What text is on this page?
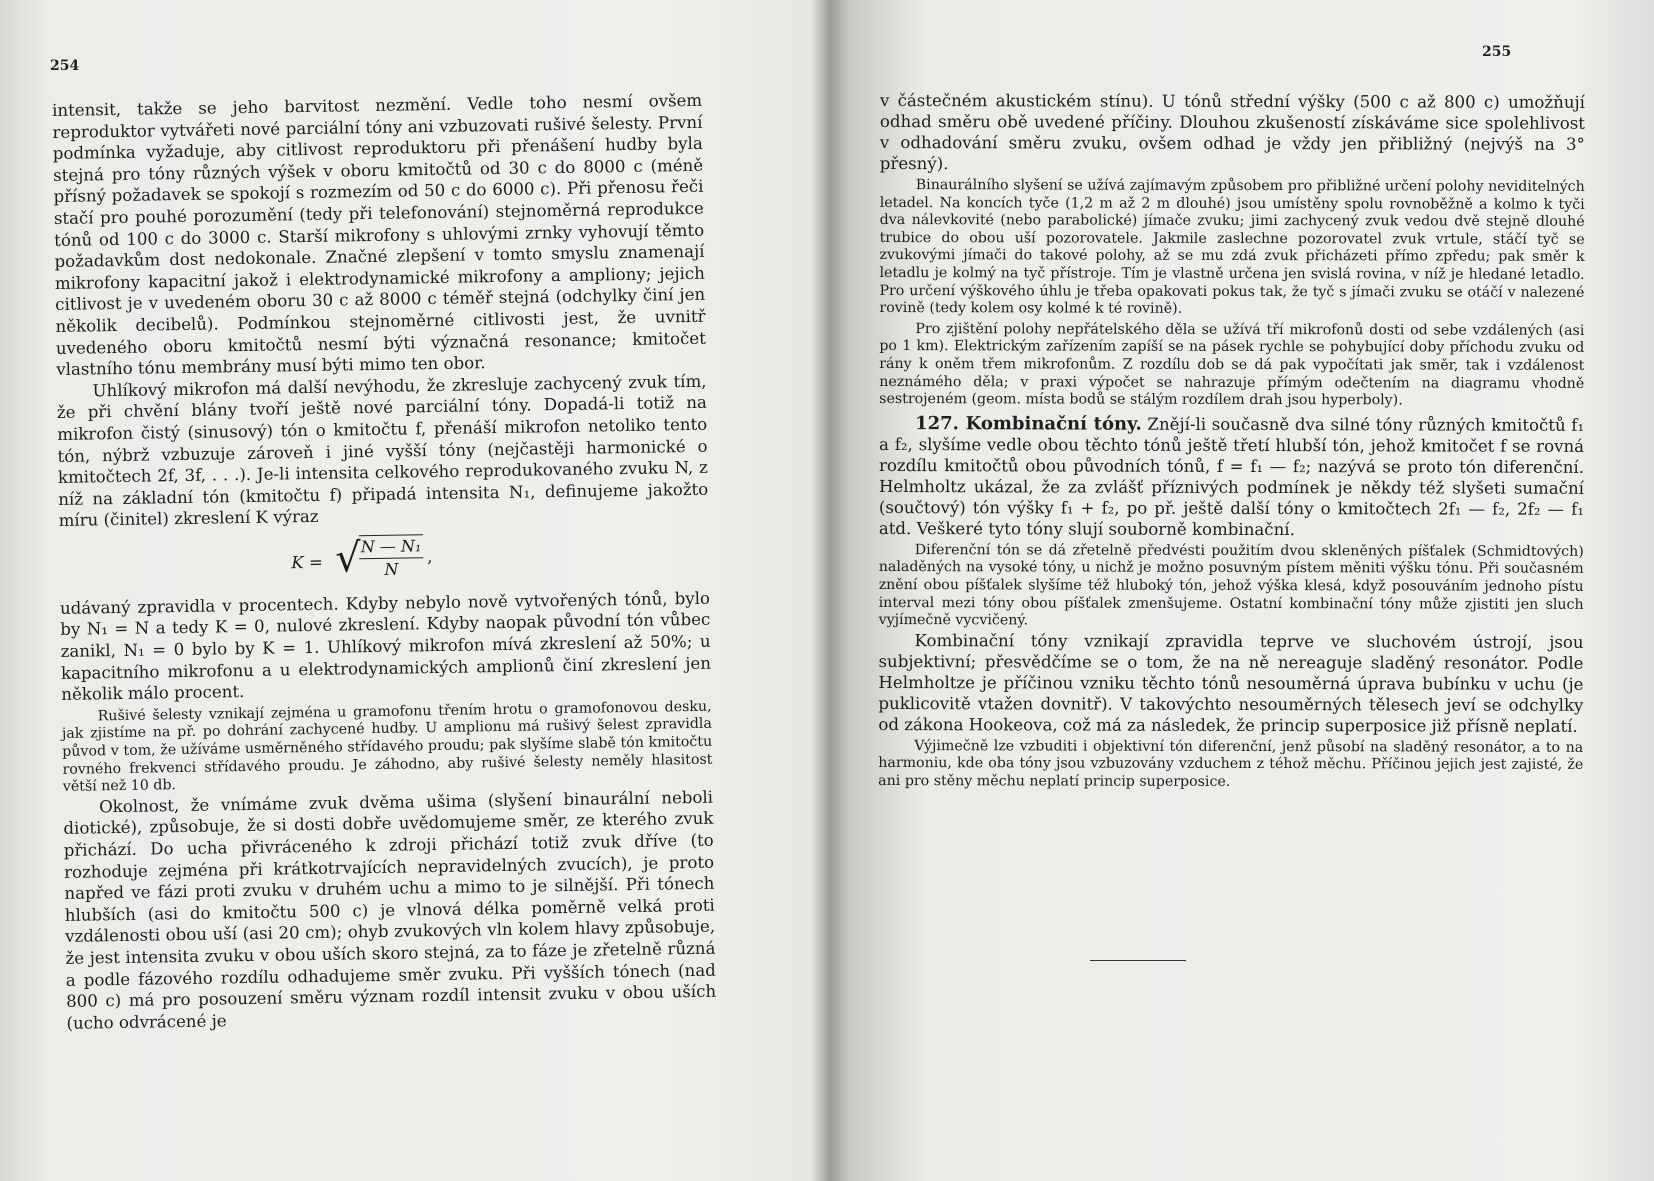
254

intensit, takže se jeho barvitost nezmění. Vedle toho nesmí ovšem reproduktor vytvářeti nové parciální tóny ani vzbuzovati rušivé šelesty. První podmínka vyžaduje, aby citlivost reproduktoru při přenášení hudby byla stejná pro tóny různých výšek v oboru kmitočtů od 30 c do 8000 c (méně přísný požadavek se spokojí s rozmezím od 50 c do 6000 c). Při přenosu řeči stačí pro pouhé porozumění (tedy při telefonování) stejnoměrná reprodukce tónů od 100 c do 3000 c. Starší mikrofony s uhlovými zrnky vyhovují těmto požadavkům dost nedokonale. Značné zlepšení v tomto smyslu znamenají mikrofony kapacitní jakož i elektrodynamické mikrofony a ampliony; jejich citlivost je v uvedeném oboru 30 c až 8000 c téměř stejná (odchylky činí jen několik decibelů). Podmínkou stejnoměrné citlivosti jest, že uvnitř uvedeného oboru kmitočtů nesmí býti význačná resonance; kmitočet vlastního tónu membrány musí býti mimo ten obor.

Uhlíkový mikrofon má další nevýhodu, že zkresluje zachycený zvuk tím, že při chvění blány tvoří ještě nové parciální tóny. Dopadá-li totiž na mikrofon čistý (sinusový) tón o kmitočtu f, přenáší mikrofon netoliko tento tón, nýbrž vzbuzuje zároveň i jiné vyšší tóny (nejčastěji harmonické o kmitočtech 2f, 3f, . . .). Je-li intensita celkového reprodukovaného zvuku N, z níž na základní tón (kmitočtu f) připadá intensita N₁, definujeme jakožto míru (činitel) zkreslení K výraz

K = √
$\frac{\text{N — N₁}}{N}$ ,

udávaný zpravidla v procentech. Kdyby nebylo nově vytvořených tónů, bylo by N₁ = N a tedy K = 0, nulové zkreslení. Kdyby naopak původní tón vůbec zanikl, N₁ = 0 bylo by K = 1. Uhlíkový mikrofon mívá zkreslení až 50%; u kapacitního mikrofonu a u elektrodynamických amplionů činí zkreslení jen několik málo procent.

Rušivé šelesty vznikají zejména u gramofonu třením hrotu o gramofonovou desku, jak zjistíme na př. po dohrání zachycené hudby. U amplionu má rušivý šelest zpravidla původ v tom, že užíváme usměrněného střídavého proudu; pak slyšíme slabě tón kmitočtu rovného frekvenci střídavého proudu. Je záhodno, aby rušivé šelesty neměly hlasitost větší než 10 db.

Okolnost, že vnímáme zvuk dvěma ušima (slyšení binaurální neboli diotické), způsobuje, že si dosti dobře uvědomujeme směr, ze kterého zvuk přichází. Do ucha přivráceného k zdroji přichází totiž zvuk dříve (to rozhoduje zejména při krátkotrvajících nepravidelných zvucích), je proto napřed ve fázi proti zvuku v druhém uchu a mimo to je silnější. Při tónech hlubších (asi do kmitočtu 500 c) je vlnová délka poměrně velká proti vzdálenosti obou uší (asi 20 cm); ohyb zvukových vln kolem hlavy způsobuje, že jest intensita zvuku v obou uších skoro stejná, za to fáze je zřetelně různá a podle fázového rozdílu odhadujeme směr zvuku. Při vyšších tónech (nad 800 c) má pro posouzení směru význam rozdíl intensit zvuku v obou uších (ucho odvrácené je

255

v částečném akustickém stínu). U tónů střední výšky (500 c až 800 c) umožňují odhad směru obě uvedené příčiny. Dlouhou zkušeností získáváme sice spolehlivost v odhadování směru zvuku, ovšem odhad je vždy jen přibližný (nejvýš na 3° přesný).

Binaurálního slyšení se užívá zajímavým způsobem pro přibližné určení polohy neviditelných letadel. Na koncích tyče (1,2 m až 2 m dlouhé) jsou umístěny spolu rovnoběžně a kolmo k tyči dva nálevkovité (nebo parabolické) jímače zvuku; jimi zachycený zvuk vedou dvě stejně dlouhé trubice do obou uší pozorovatele. Jakmile zaslechne pozorovatel zvuk vrtule, stáčí tyč se zvukovými jímači do takové polohy, až se mu zdá zvuk přicházeti přímo zpředu; pak směr k letadlu je kolmý na tyč přístroje. Tím je vlastně určena jen svislá rovina, v níž je hledané letadlo. Pro určení výškového úhlu je třeba opakovati pokus tak, že tyč s jímači zvuku se otáčí v nalezené rovině (tedy kolem osy kolmé k té rovině).

Pro zjištění polohy nepřátelského děla se užívá tří mikrofonů dosti od sebe vzdálených (asi po 1 km). Elektrickým zařízením zapíší se na pásek rychle se pohybující doby příchodu zvuku od rány k oněm třem mikrofonům. Z rozdílu dob se dá pak vypočítati jak směr, tak i vzdálenost neznámého děla; v praxi výpočet se nahrazuje přímým odečtením na diagramu vhodně sestrojeném (geom. místa bodů se stálým rozdílem drah jsou hyperboly).

127. Kombinační tóny. Znějí-li současně dva silné tóny různých kmitočtů f₁ a f₂, slyšíme vedle obou těchto tónů ještě třetí hlubší tón, jehož kmitočet f se rovná rozdílu kmitočtů obou původních tónů, f = f₁ — f₂; nazývá se proto tón diferenční. Helmholtz ukázal, že za zvlášť příznivých podmínek je někdy též slyšeti sumační (součtový) tón výšky f₁ + f₂, po př. ještě další tóny o kmitočtech 2f₁ — f₂, 2f₂ — f₁ atd. Veškeré tyto tóny slují souborně kombinační.

Diferenční tón se dá zřetelně předvésti použitím dvou skleněných píšťalek (Schmidtových) naladěných na vysoké tóny, u nichž je možno posuvným pístem měniti výšku tónu. Při současném znění obou píšťalek slyšíme též hluboký tón, jehož výška klesá, když posouváním jednoho pístu interval mezi tóny obou píšťalek zmenšujeme. Ostatní kombinační tóny může zjistiti jen sluch vyjímečně vycvičený.

Kombinační tóny vznikají zpravidla teprve ve sluchovém ústrojí, jsou subjektivní; přesvědčíme se o tom, že na ně nereaguje sladěný resonátor. Podle Helmholtze je příčinou vzniku těchto tónů nesouměrná úprava bubínku v uchu (je puklicovitě vtažen dovnitř). V takovýchto nesouměrných tělesech jeví se odchylky od zákona Hookeova, což má za následek, že princip superposice již přísně neplatí.

Výjimečně lze vzbuditi i objektivní tón diferenční, jenž působí na sladěný resonátor, a to na harmoniu, kde oba tóny jsou vzbuzovány vzduchem z téhož měchu. Příčinou jejich jest zajisté, že ani pro stěny měchu neplatí princip superposice.
